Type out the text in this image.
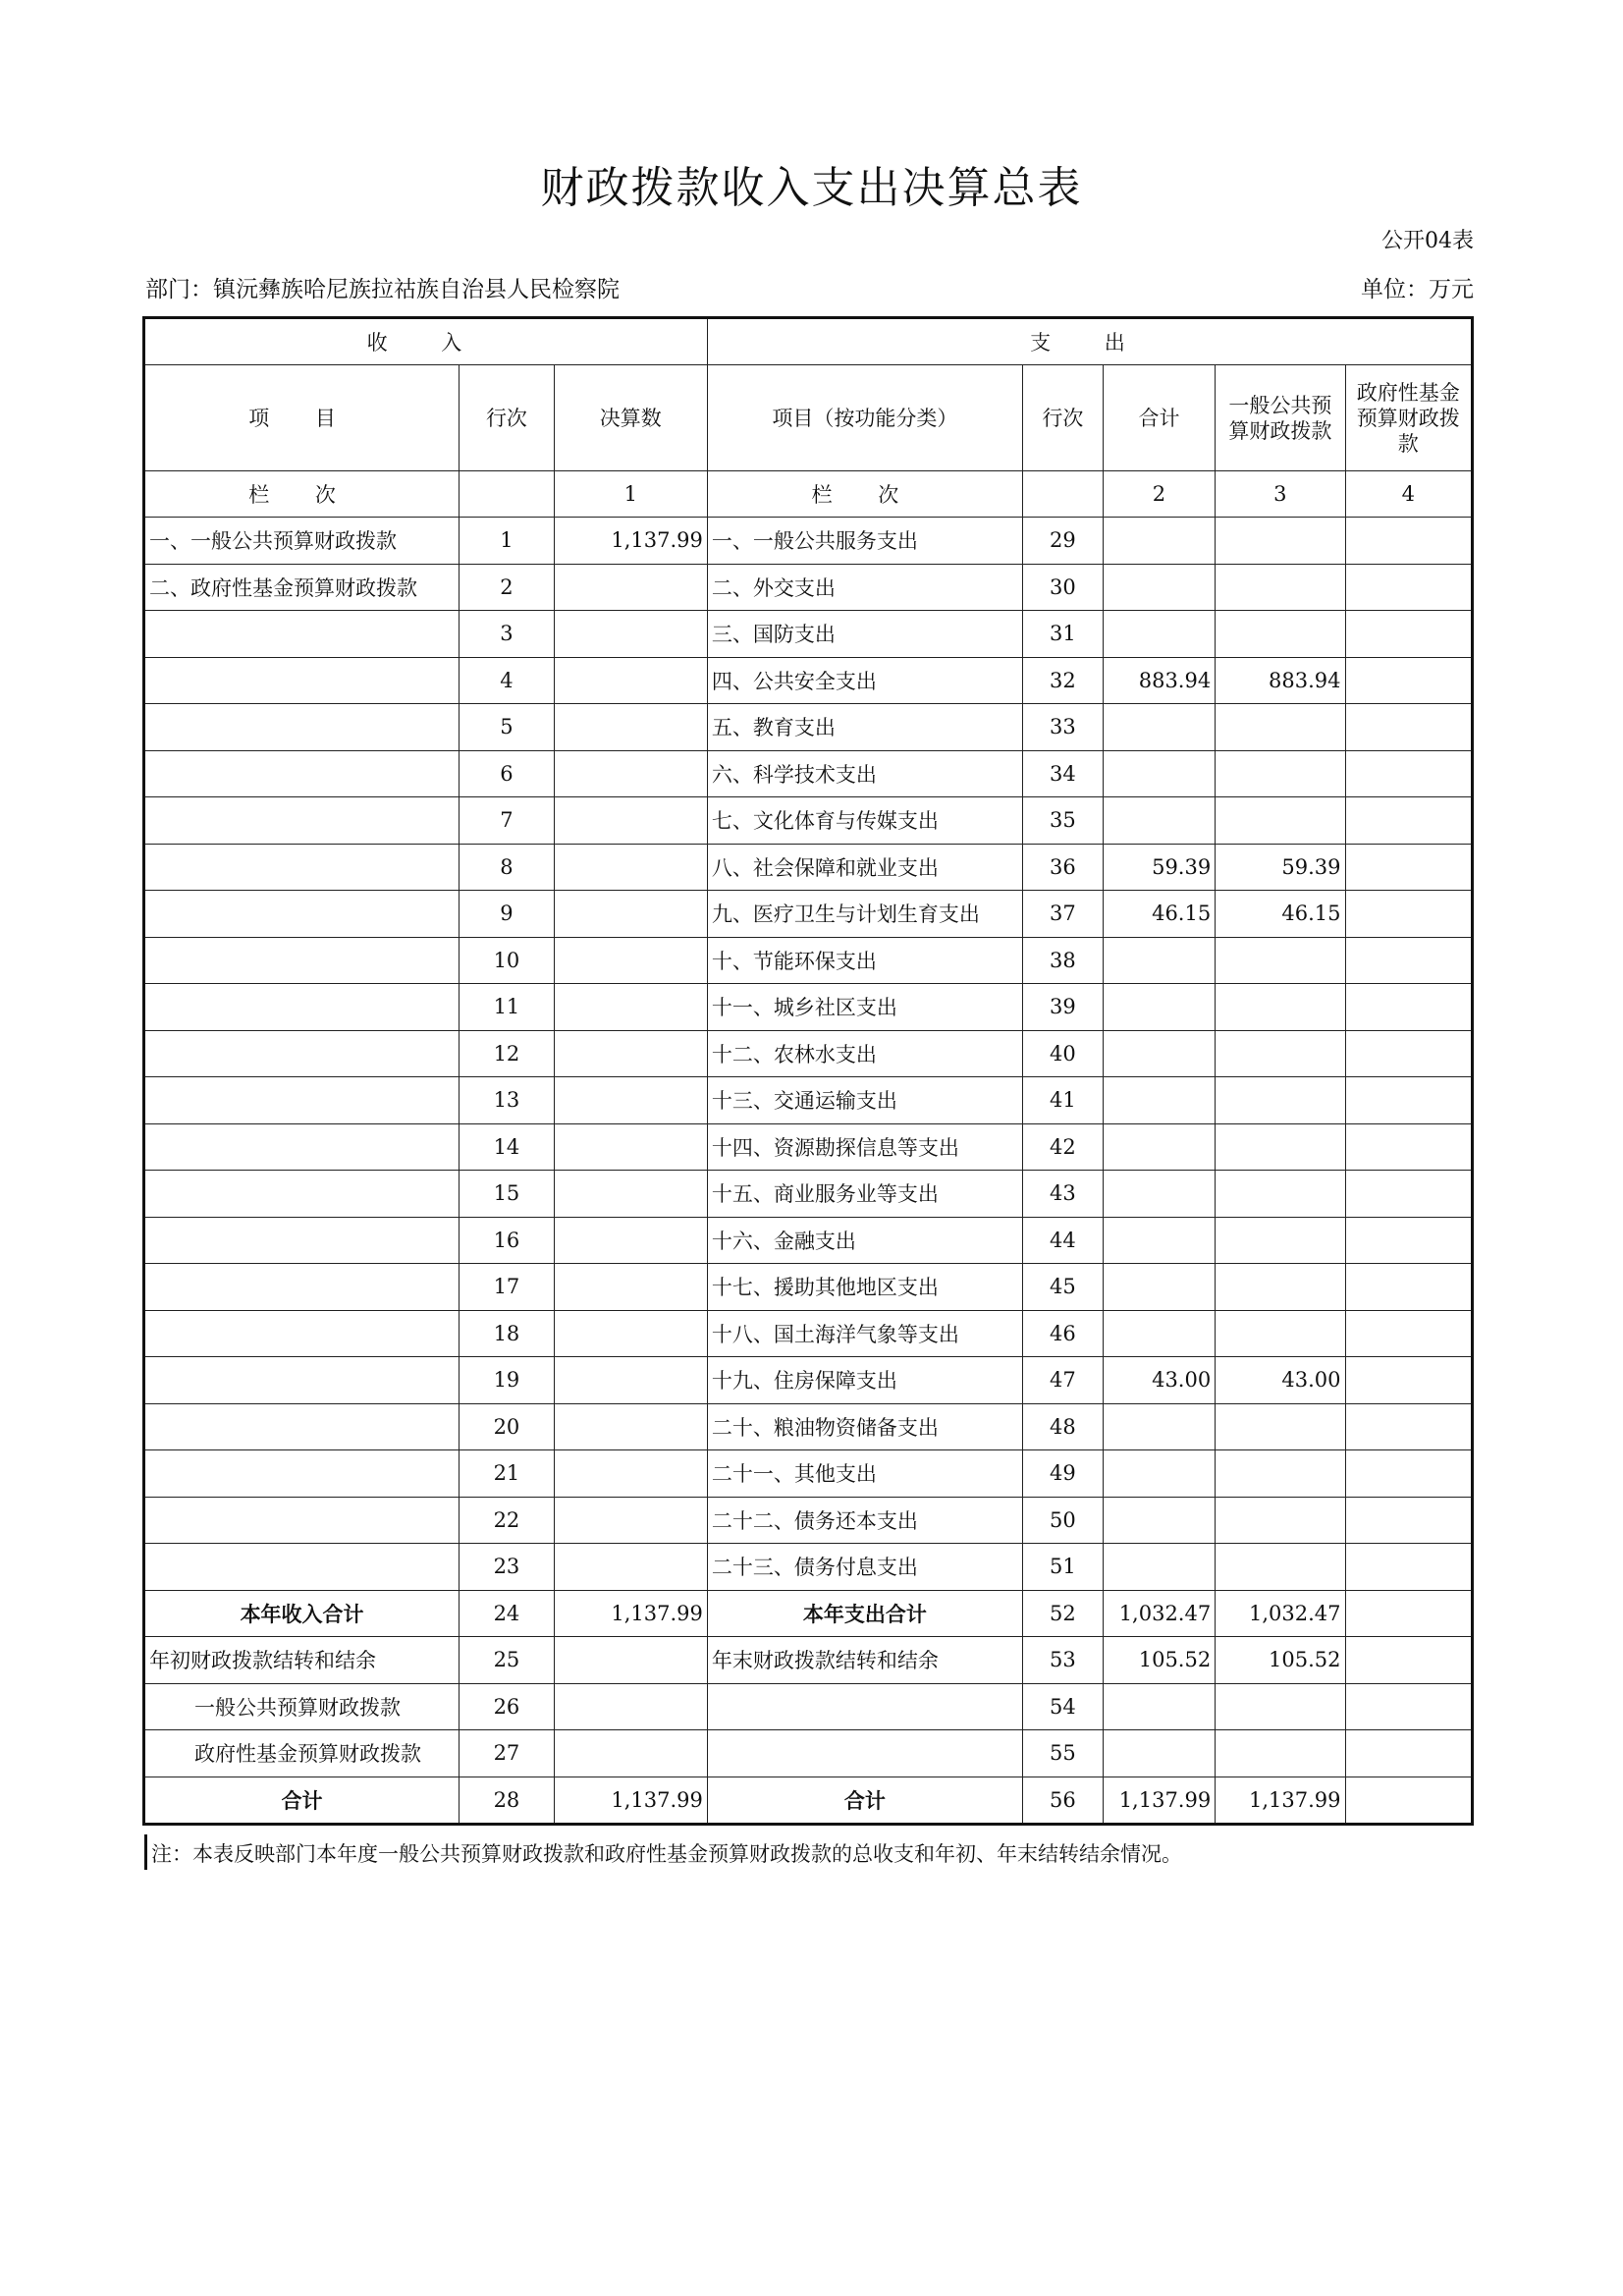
财政拨款收入支出决算总表
公开04表
部门：镇沅彝族哈尼族拉祜族自治县人民检察院	单位：万元
收 入			支 出				
项 目	行次	决算数	项目（按功能分类）	行次	合计	一般公共预算财政拨款	政府性基金预算财政拨款
栏 次		1	栏 次		2	3	4
一、一般公共预算财政拨款	1	1,137.99	一、一般公共服务支出	29			
二、政府性基金预算财政拨款	2		二、外交支出	30			
	3		三、国防支出	31			
	4		四、公共安全支出	32	883.94	883.94	
	5		五、教育支出	33			
	6		六、科学技术支出	34			
	7		七、文化体育与传媒支出	35			
	8		八、社会保障和就业支出	36	59.39	59.39	
	9		九、医疗卫生与计划生育支出	37	46.15	46.15	
	10		十、节能环保支出	38			
	11		十一、城乡社区支出	39			
	12		十二、农林水支出	40			
	13		十三、交通运输支出	41			
	14		十四、资源勘探信息等支出	42			
	15		十五、商业服务业等支出	43			
	16		十六、金融支出	44			
	17		十七、援助其他地区支出	45			
	18		十八、国土海洋气象等支出	46			
	19		十九、住房保障支出	47	43.00	43.00	
	20		二十、粮油物资储备支出	48			
	21		二十一、其他支出	49			
	22		二十二、债务还本支出	50			
	23		二十三、债务付息支出	51			
本年收入合计	24	1,137.99	本年支出合计	52	1,032.47	1,032.47	
年初财政拨款结转和结余	25		年末财政拨款结转和结余	53	105.52	105.52	
一般公共预算财政拨款	26			54			
政府性基金预算财政拨款	27			55			
合计	28	1,137.99	合计	56	1,137.99	1,137.99	
注：本表反映部门本年度一般公共预算财政拨款和政府性基金预算财政拨款的总收支和年初、年末结转结余情况。
